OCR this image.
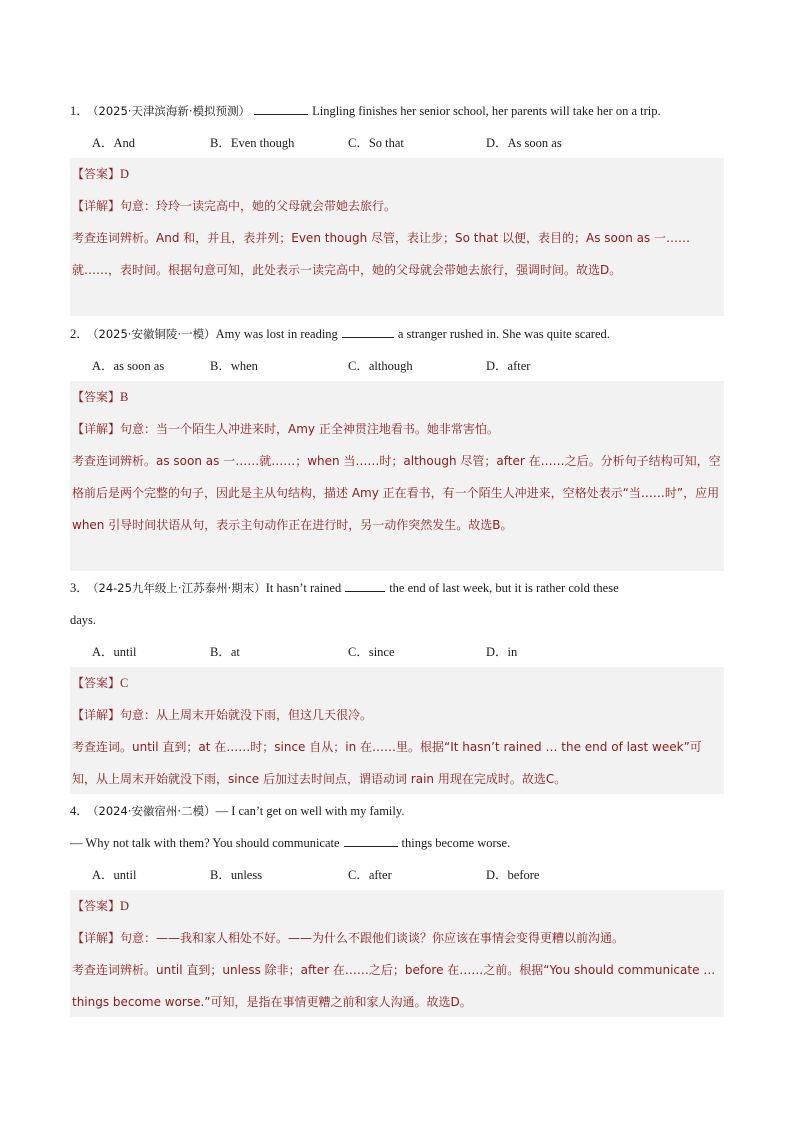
1． （2025·天津滨海新·模拟预测）	Lingling finishes her senior school, her parents will take her on a trip.
A．And	B．Even though	C．So that	D．As soon as
【答案】D
【详解】句意：玲玲一读完高中，她的父母就会带她去旅行。
考查连词辨析。And 和，并且，表并列；Even though 尽管，表让步；So that 以便，表目的；As soon as 一……就……，表时间。根据句意可知，此处表示一读完高中，她的父母就会带她去旅行，强调时间。故选D。
2． （2025·安徽铜陵·一模）Amy was lost in reading	a stranger rushed in. She was quite scared.
A．as soon as	B．when	C．although	D．after
【答案】B
【详解】句意：当一个陌生人冲进来时，Amy 正全神贯注地看书。她非常害怕。
考查连词辨析。as soon as 一……就……；when 当……时；although 尽管；after 在……之后。分析句子结构可知，空格前后是两个完整的句子，因此是主从句结构，描述 Amy 正在看书，有一个陌生人冲进来，空格处表示“当……时”，应用 when 引导时间状语从句，表示主句动作正在进行时，另一动作突然发生。故选B。
3． （24-25九年级上·江苏泰州·期末）It hasn’t rained	the end of last week, but it is rather cold these
days.
A．until	B．at	C．since	D．in
【答案】C
【详解】句意：从上周末开始就没下雨，但这几天很冷。
考查连词。until 直到；at 在……时；since 自从；in 在……里。根据“It hasn’t rained … the end of last week”可知，从上周末开始就没下雨，since 后加过去时间点，谓语动词 rain 用现在完成时。故选C。
4． （2024·安徽宿州·二模）— I can’t get on well with my family.
— Why not talk with them? You should communicate	things become worse.
A．until	B．unless	C．after	D．before
【答案】D
【详解】句意：——我和家人相处不好。——为什么不跟他们谈谈？你应该在事情会变得更糟以前沟通。
考查连词辨析。until 直到；unless 除非；after 在……之后；before 在……之前。根据“You should communicate … things become worse.”可知，是指在事情更糟之前和家人沟通。故选D。
